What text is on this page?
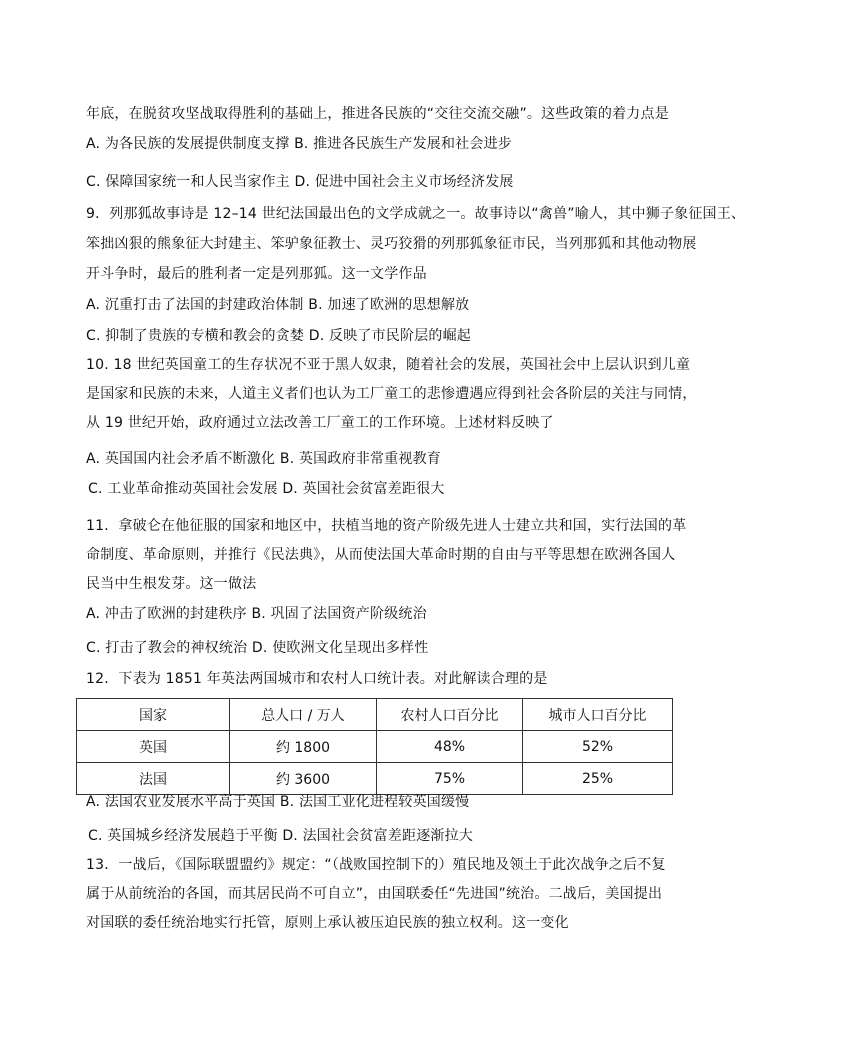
年底，在脱贫攻坚战取得胜利的基础上，推进各民族的“交往交流交融”。这些政策的着力点是
A. 为各民族的发展提供制度支撑 B. 推进各民族生产发展和社会进步
C. 保障国家统一和人民当家作主 D. 促进中国社会主义市场经济发展
9．列那狐故事诗是 12–14 世纪法国最出色的文学成就之一。故事诗以“禽兽”喻人，其中狮子象征国王、
笨拙凶狠的熊象征大封建主、笨驴象征教士、灵巧狡猾的列那狐象征市民，当列那狐和其他动物展
开斗争时，最后的胜利者一定是列那狐。这一文学作品
A. 沉重打击了法国的封建政治体制 B. 加速了欧洲的思想解放
C. 抑制了贵族的专横和教会的贪婪 D. 反映了市民阶层的崛起
10. 18 世纪英国童工的生存状况不亚于黑人奴隶，随着社会的发展，英国社会中上层认识到儿童
是国家和民族的未来，人道主义者们也认为工厂童工的悲惨遭遇应得到社会各阶层的关注与同情，
从 19 世纪开始，政府通过立法改善工厂童工的工作环境。上述材料反映了
A. 英国国内社会矛盾不断激化 B. 英国政府非常重视教育
C. 工业革命推动英国社会发展 D. 英国社会贫富差距很大
11．拿破仑在他征服的国家和地区中，扶植当地的资产阶级先进人士建立共和国，实行法国的革
命制度、革命原则，并推行《民法典》，从而使法国大革命时期的自由与平等思想在欧洲各国人
民当中生根发芽。这一做法
A. 冲击了欧洲的封建秩序 B. 巩固了法国资产阶级统治
C. 打击了教会的神权统治 D. 使欧洲文化呈现出多样性
12．下表为 1851 年英法两国城市和农村人口统计表。对此解读合理的是
国家	总人口 / 万人	农村人口百分比	城市人口百分比
英国	约 1800	48%	52%
法国	约 3600	75%	25%
A. 法国农业发展水平高于英国 B. 法国工业化进程较英国缓慢
C. 英国城乡经济发展趋于平衡 D. 法国社会贫富差距逐渐拉大
13．一战后，《国际联盟盟约》规定：“（战败国控制下的）殖民地及领土于此次战争之后不复
属于从前统治的各国，而其居民尚不可自立”，由国联委任“先进国”统治。二战后，美国提出
对国联的委任统治地实行托管，原则上承认被压迫民族的独立权利。这一变化
